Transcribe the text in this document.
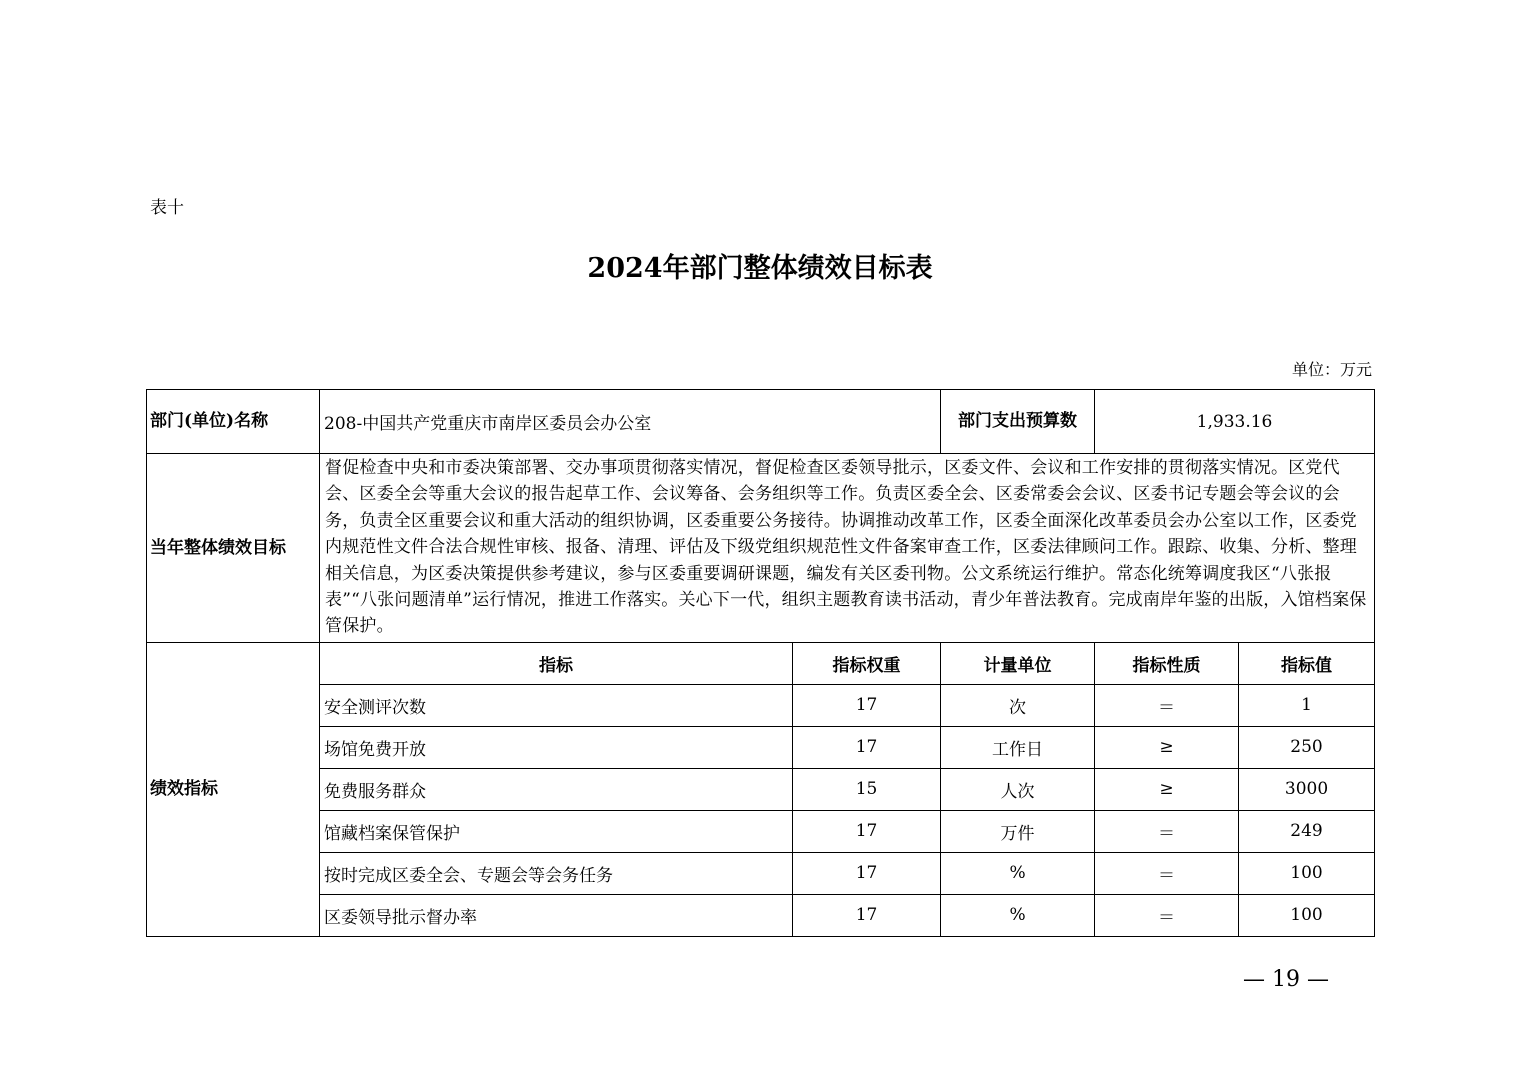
表十
2024年部门整体绩效目标表
单位：万元
部门(单位)名称	208-中国共产党重庆市南岸区委员会办公室		部门支出预算数	1,933.16	
当年整体绩效目标	督促检查中央和市委决策部署、交办事项贯彻落实情况，督促检查区委领导批示，区委文件、会议和工作安排的贯彻落实情况。区党代会、区委全会等重大会议的报告起草工作、会议筹备、会务组织等工作。负责区委全会、区委常委会会议、区委书记专题会等会议的会务，负责全区重要会议和重大活动的组织协调，区委重要公务接待。协调推动改革工作，区委全面深化改革委员会办公室以工作，区委党内规范性文件合法合规性审核、报备、清理、评估及下级党组织规范性文件备案审查工作，区委法律顾问工作。跟踪、收集、分析、整理相关信息，为区委决策提供参考建议，参与区委重要调研课题，编发有关区委刊物。公文系统运行维护。常态化统筹调度我区“八张报表”“八张问题清单”运行情况，推进工作落实。关心下一代，组织主题教育读书活动，青少年普法教育。完成南岸年鉴的出版，入馆档案保管保护。				
绩效指标	指标	指标权重	计量单位	指标性质	指标值
	安全测评次数	17	次	＝	1
	场馆免费开放	17	工作日	≥	250
	免费服务群众	15	人次	≥	3000
	馆藏档案保管保护	17	万件	＝	249
	按时完成区委全会、专题会等会务任务	17	%	＝	100
	区委领导批示督办率	17	%	＝	100
— 19 —
